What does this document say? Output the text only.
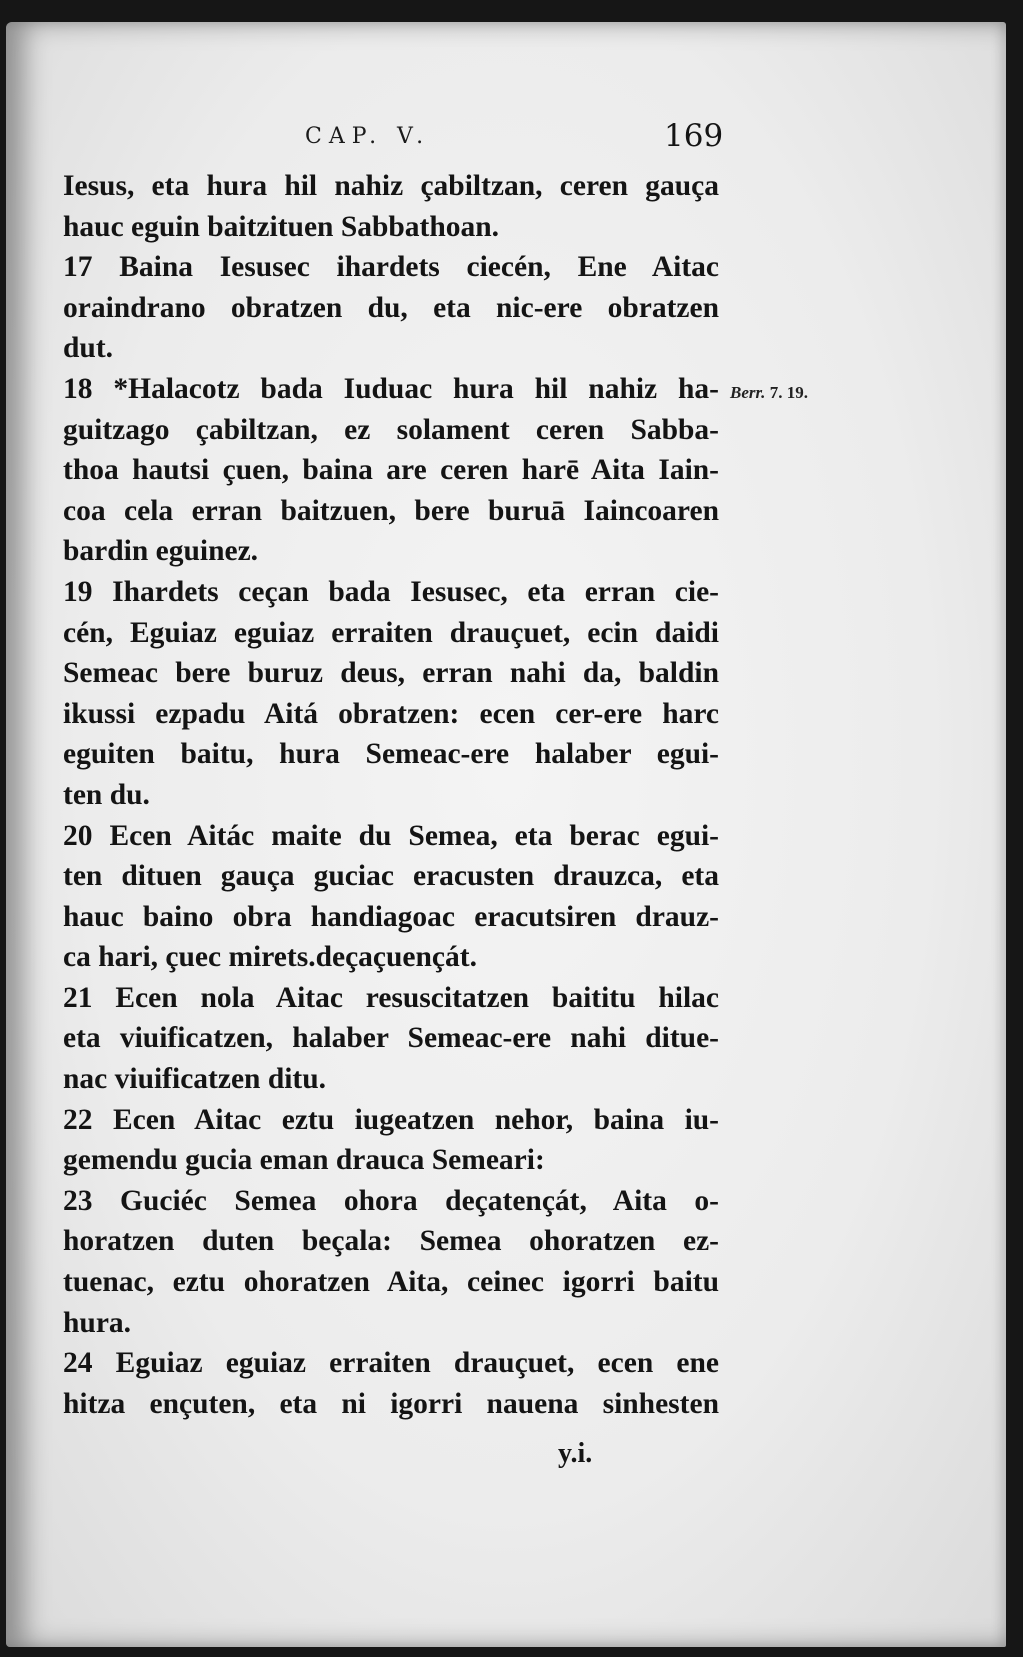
CAP. V.	169
Berr. 7. 19.
Iesus, eta hura hil nahiz çabiltzan, ceren gauça
hauc eguin baitzituen Sabbathoan.
17 Baina Iesusec ihardets ciecén, Ene Aitac
oraindrano obratzen du, eta nic-ere obratzen
dut.
18 *Halacotz bada Iuduac hura hil nahiz ha-
guitzago çabiltzan, ez solament ceren Sabba-
thoa hautsi çuen, baina are ceren harē Aita Iain-
coa cela erran baitzuen, bere buruā Iaincoaren
bardin eguinez.
19 Ihardets ceçan bada Iesusec, eta erran cie-
cén, Eguiaz eguiaz erraiten drauçuet, ecin daidi
Semeac bere buruz deus, erran nahi da, baldin
ikussi ezpadu Aitá obratzen: ecen cer-ere harc
eguiten baitu, hura Semeac-ere halaber egui-
ten du.
20 Ecen Aitác maite du Semea, eta berac egui-
ten dituen gauça guciac eracusten drauzca, eta
hauc baino obra handiagoac eracutsiren drauz-
ca hari, çuec mirets.deçaçuençát.
21 Ecen nola Aitac resuscitatzen baititu hilac
eta viuificatzen, halaber Semeac-ere nahi ditue-
nac viuificatzen ditu.
22 Ecen Aitac eztu iugeatzen nehor, baina iu-
gemendu gucia eman drauca Semeari:
23 Guciéc Semea ohora deçatençát, Aita o-
horatzen duten beçala: Semea ohoratzen ez-
tuenac, eztu ohoratzen Aita, ceinec igorri baitu
hura.
24 Eguiaz eguiaz erraiten drauçuet, ecen ene
hitza ençuten, eta ni igorri nauena sinhesten
y.i.
